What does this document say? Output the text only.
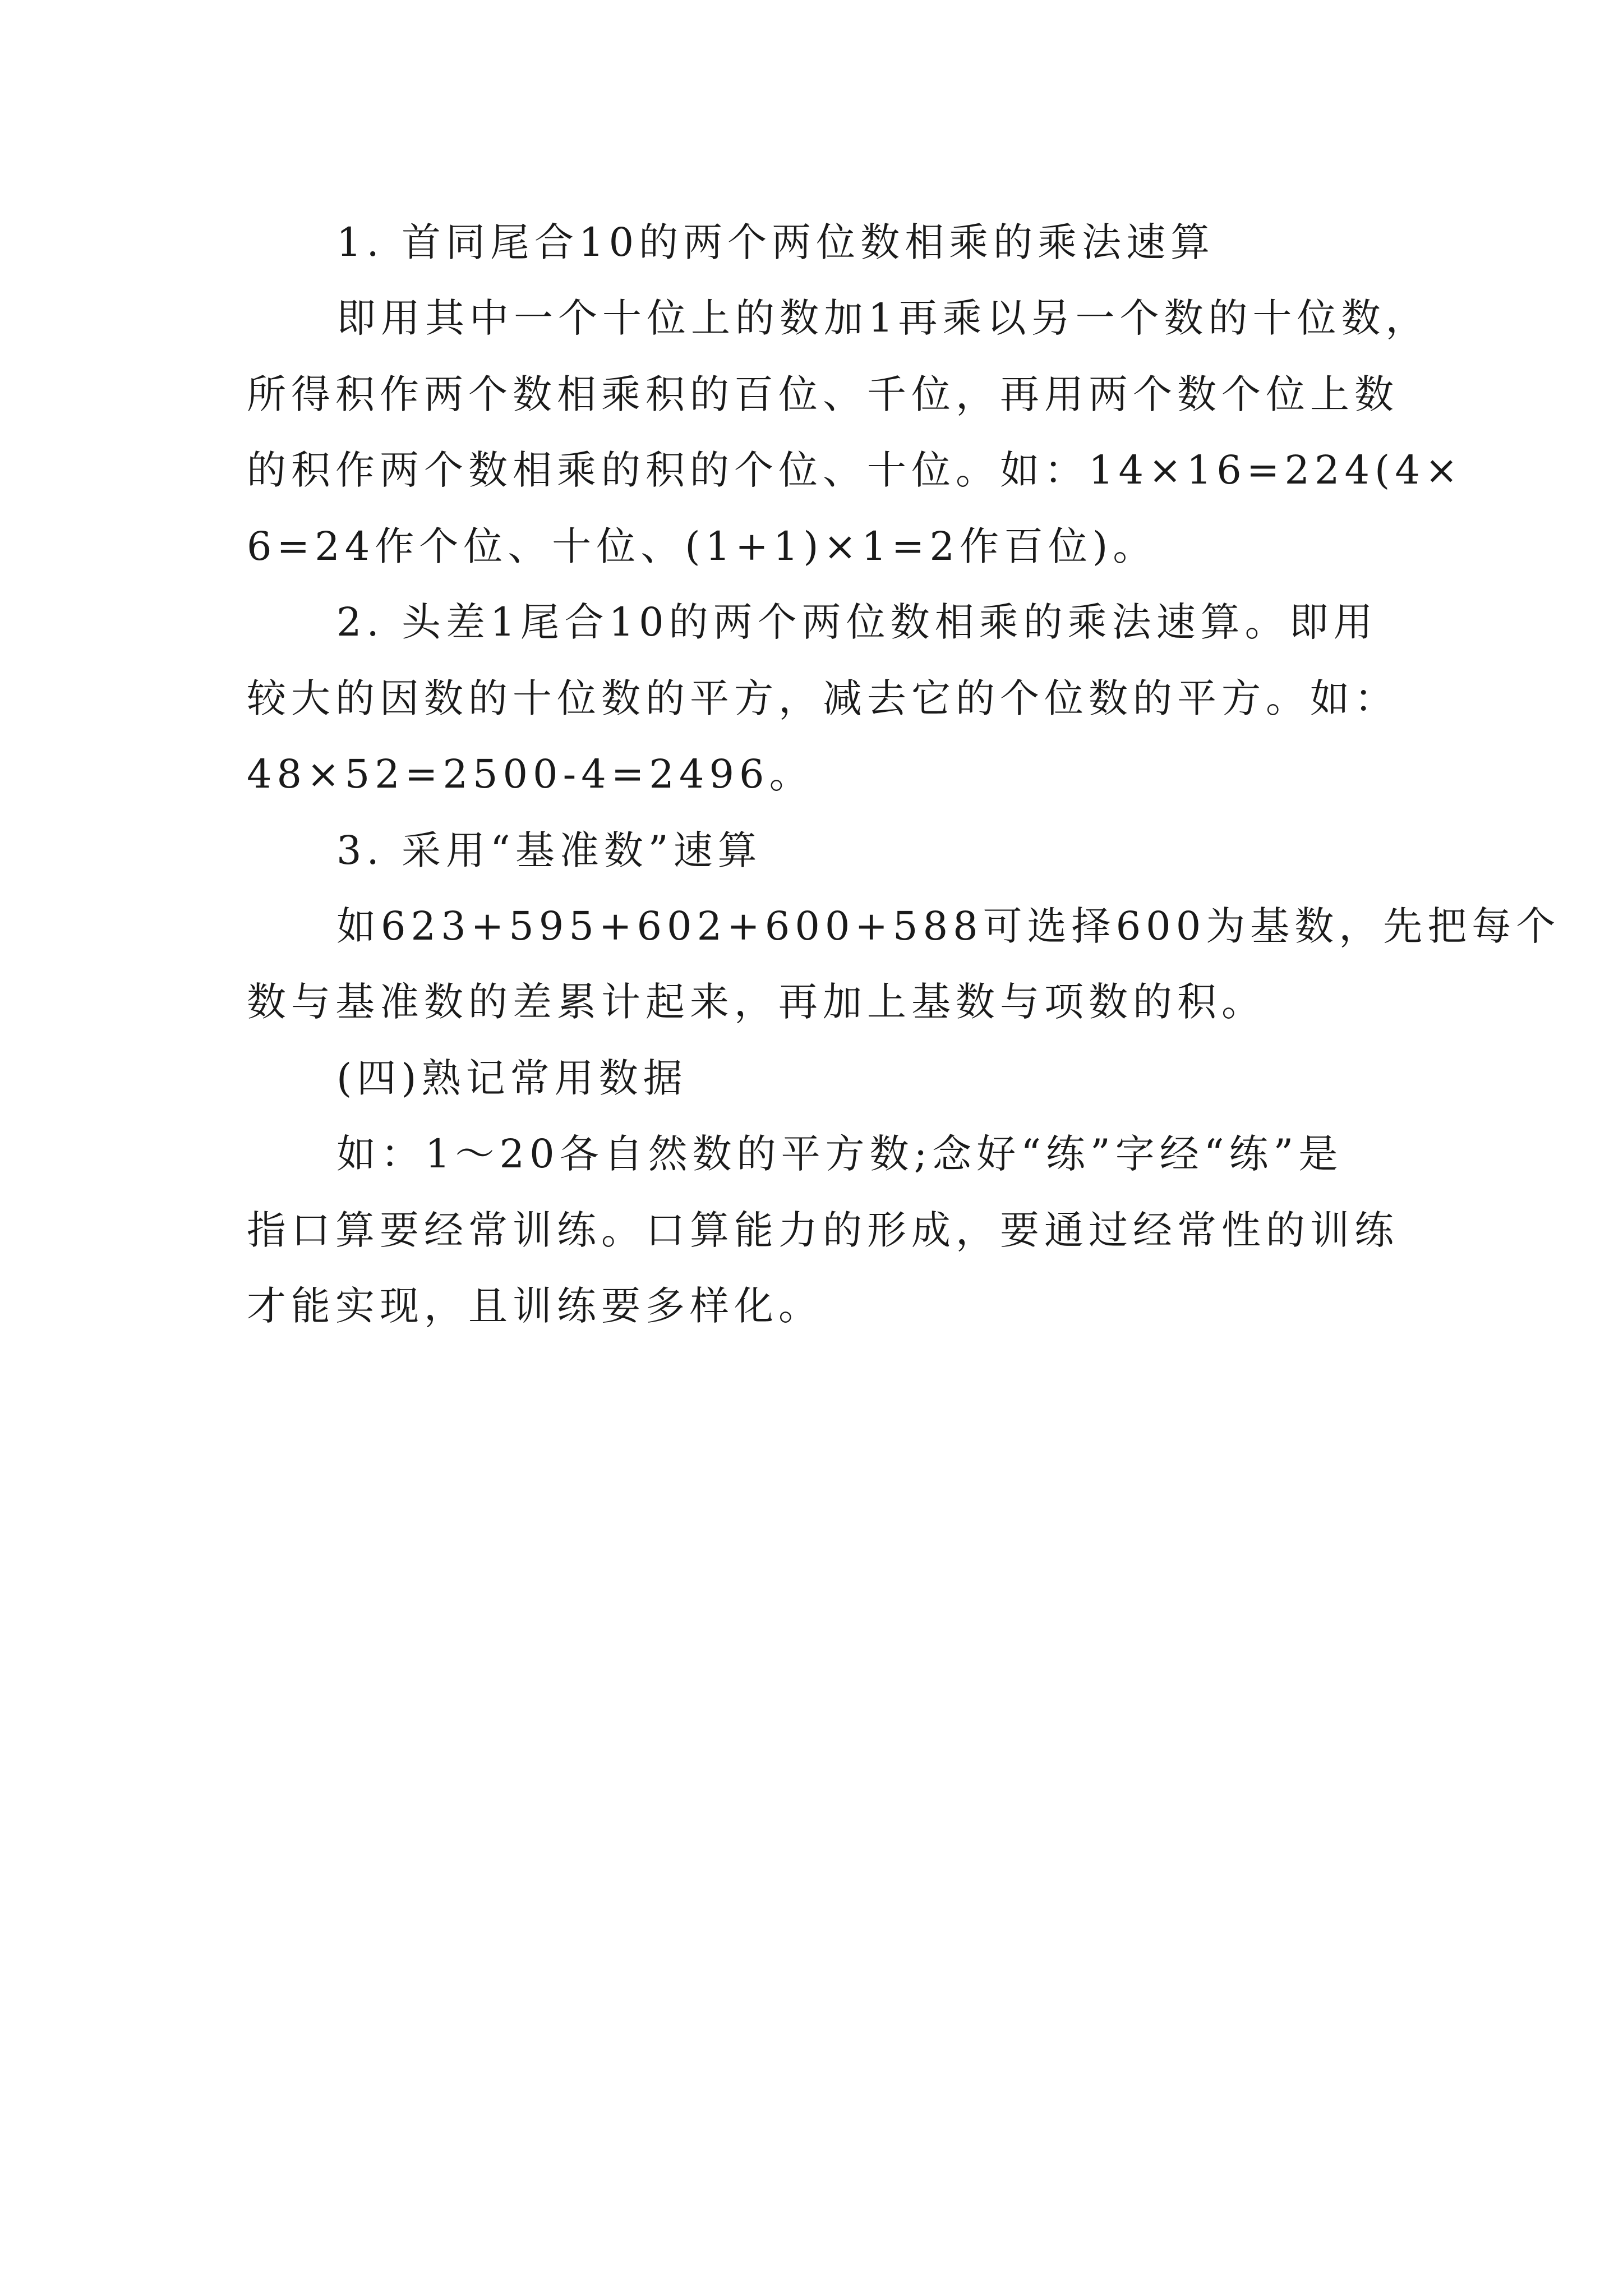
1. 首同尾合10的两个两位数相乘的乘法速算

即用其中一个十位上的数加1再乘以另一个数的十位数，

所得积作两个数相乘积的百位、千位，再用两个数个位上数

的积作两个数相乘的积的个位、十位。如：14×16=224(4×

6=24作个位、十位、(1+1)×1=2作百位)。

2. 头差1尾合10的两个两位数相乘的乘法速算。即用

较大的因数的十位数的平方，减去它的个位数的平方。如：

48×52=2500-4=2496。

3. 采用“基准数”速算

如623+595+602+600+588可选择600为基数，先把每个

数与基准数的差累计起来，再加上基数与项数的积。

(四)熟记常用数据

如：1～20各自然数的平方数;念好“练”字经“练”是

指口算要经常训练。口算能力的形成，要通过经常性的训练

才能实现，且训练要多样化。
